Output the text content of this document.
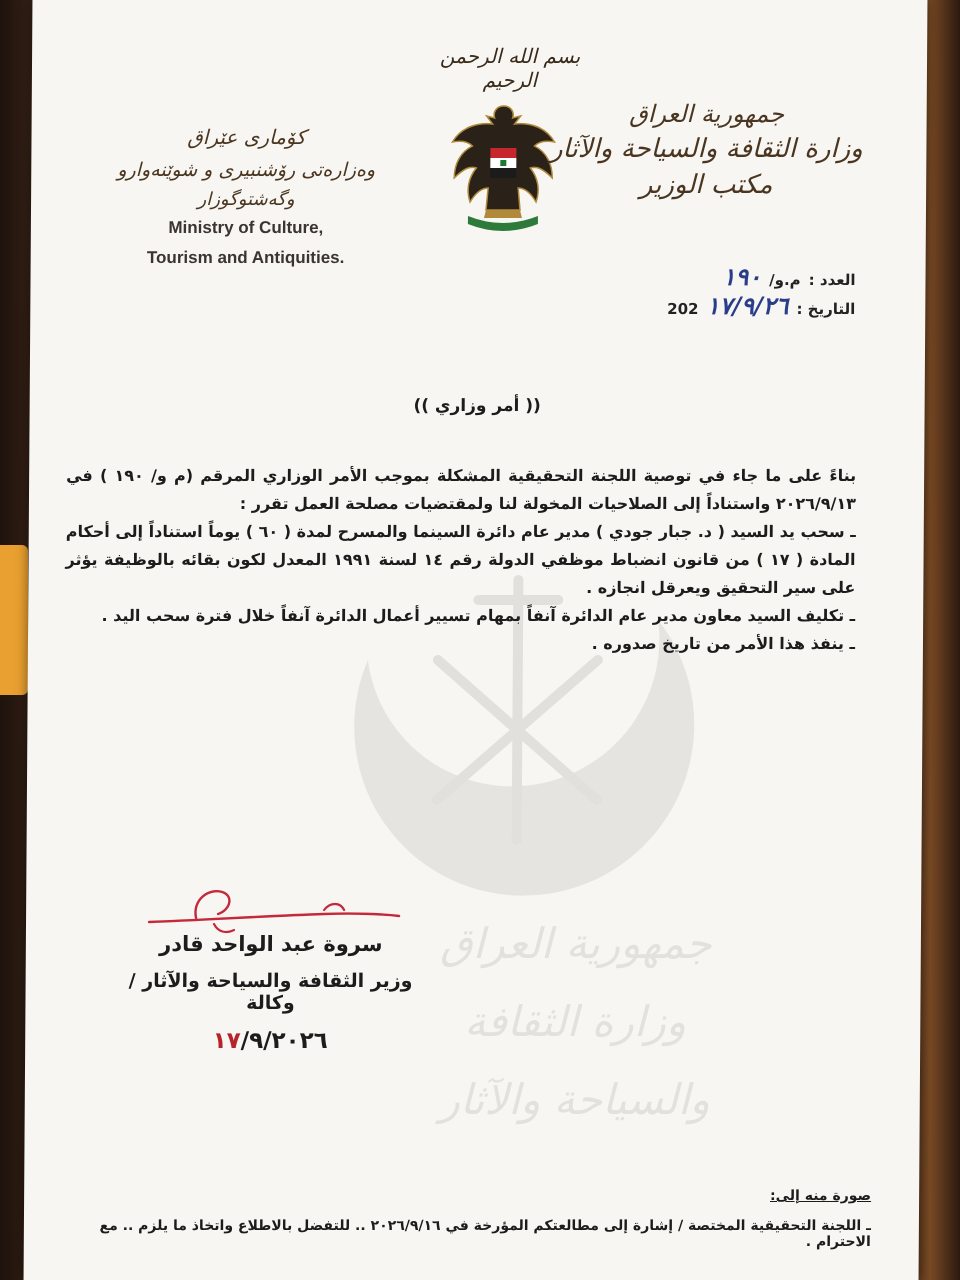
جمهورية العراق
وزارة الثقافة والسياحة والآثار
بسم الله الرحمن الرحيم
جمهورية العراق
وزارة الثقافة والسياحة والآثار
مكتب الوزير
كۆماری عێراق
وەزارەتی رۆشنبیری و شوێنەوارو
وگەشتوگوزار
Ministry of Culture,
Tourism and Antiquities.
العدد :
م.و/
١٩٠
التاريخ :
١٧/٩/٢٦
202
(( أمر وزاري ))

بناءً على ما جاء في توصية اللجنة التحقيقية المشكلة بموجب الأمر الوزاري المرقم (م و/ ١٩٠ ) في ٢٠٢٦/٩/١٣ واستناداً إلى الصلاحيات المخولة لنا ولمقتضيات مصلحة العمل تقرر :

ـ سحب يد السيد ( د. جبار جودي ) مدير عام دائرة السينما والمسرح لمدة ( ٦٠ ) يوماً استناداً إلى أحكام المادة ( ١٧ ) من قانون انضباط موظفي الدولة رقم ١٤ لسنة ١٩٩١ المعدل لكون بقائه بالوظيفة يؤثر على سير التحقيق ويعرقل انجازه .

ـ تكليف السيد معاون مدير عام الدائرة آنفاً بمهام تسيير أعمال الدائرة آنفاً خلال فترة سحب اليد .

ـ ينفذ هذا الأمر من تاريخ صدوره .

سروة عبد الواحد قادر
وزير الثقافة والسياحة والآثار / وكالة
١٧/٩/٢٠٢٦
صورة منه إلى:
ـ اللجنة التحقيقية المختصة / إشارة إلى مطالعتكم المؤرخة في ٢٠٢٦/٩/١٦ .. للتفضل بالاطلاع واتخاذ ما يلزم .. مع الاحترام .
